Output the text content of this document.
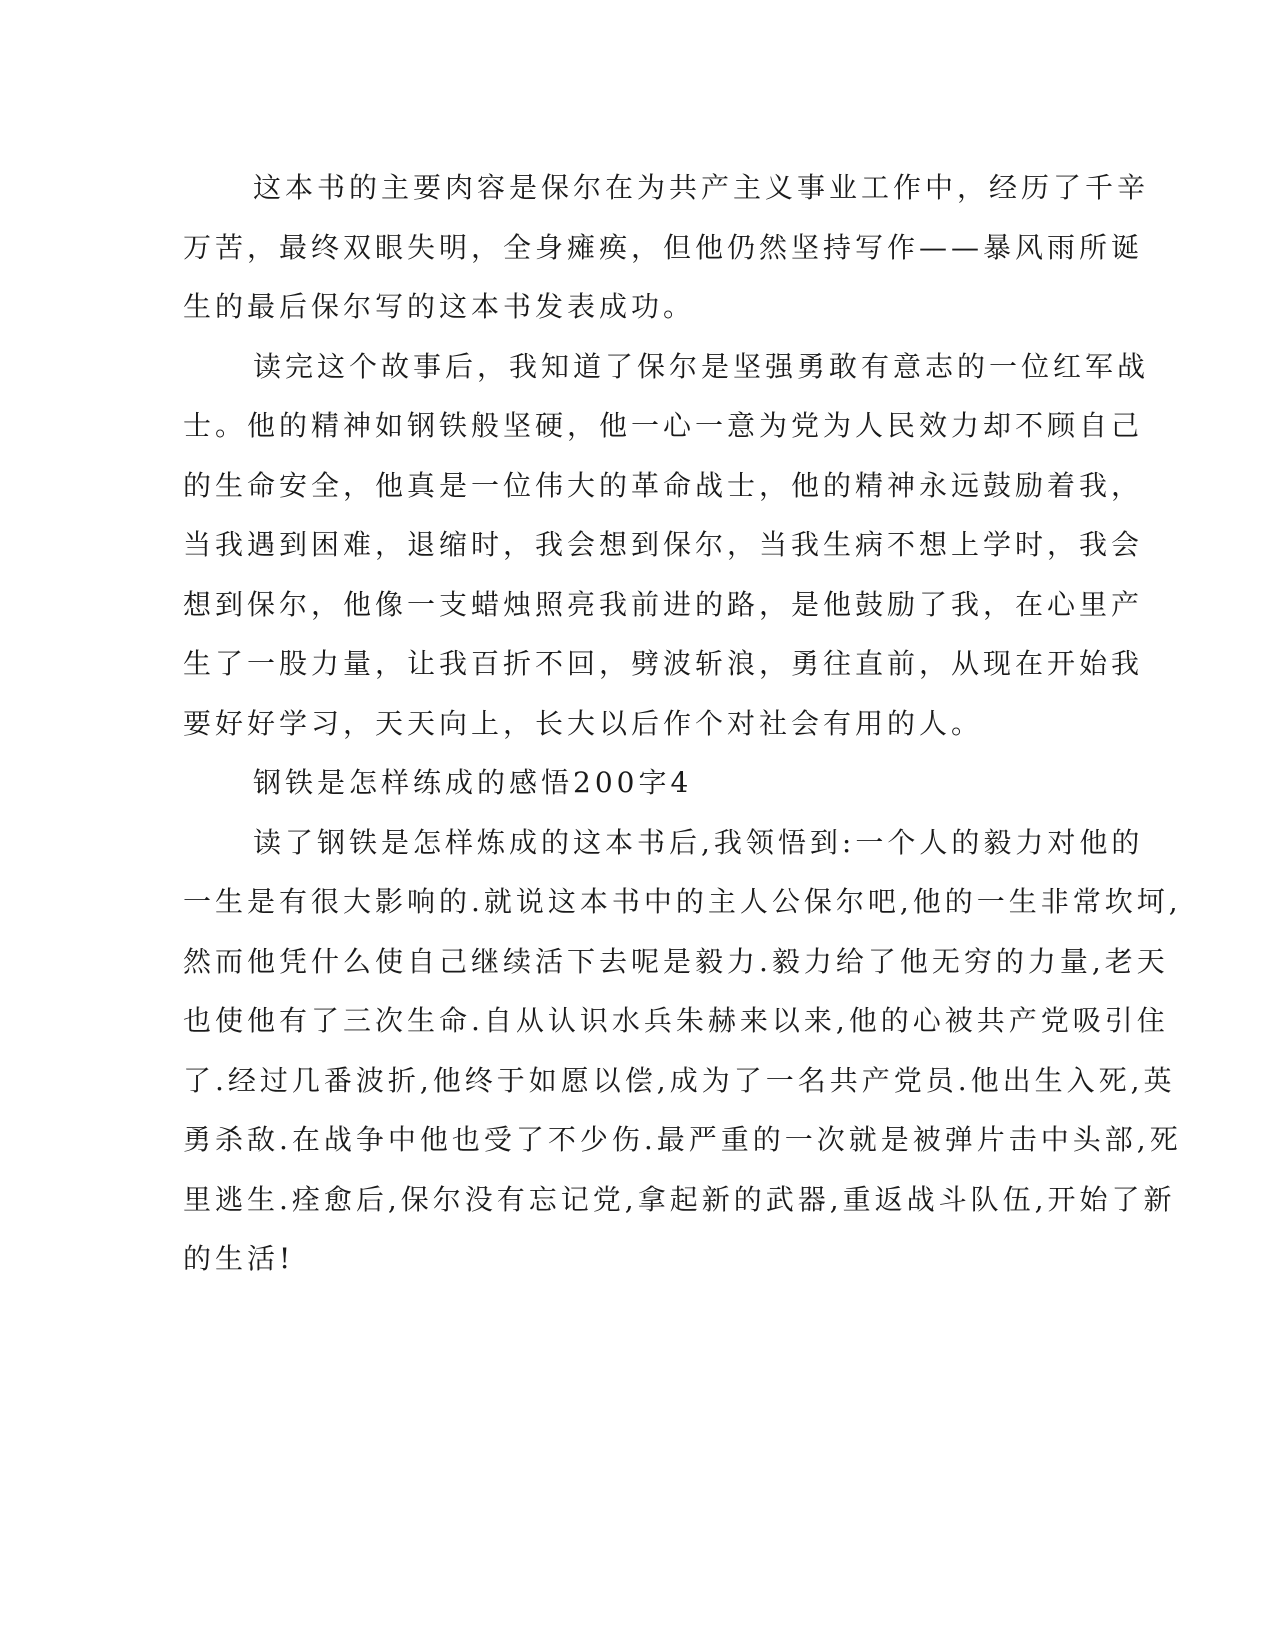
这本书的主要肉容是保尔在为共产主义事业工作中，经历了千辛
万苦，最终双眼失明，全身瘫痪，但他仍然坚持写作——暴风雨所诞
生的最后保尔写的这本书发表成功。

读完这个故事后，我知道了保尔是坚强勇敢有意志的一位红军战
士。他的精神如钢铁般坚硬，他一心一意为党为人民效力却不顾自己
的生命安全，他真是一位伟大的革命战士，他的精神永远鼓励着我，
当我遇到困难，退缩时，我会想到保尔，当我生病不想上学时，我会
想到保尔，他像一支蜡烛照亮我前进的路，是他鼓励了我，在心里产
生了一股力量，让我百折不回，劈波斩浪，勇往直前，从现在开始我
要好好学习，天天向上，长大以后作个对社会有用的人。

钢铁是怎样练成的感悟200字4

读了钢铁是怎样炼成的这本书后,我领悟到:一个人的毅力对他的
一生是有很大影响的.就说这本书中的主人公保尔吧,他的一生非常坎坷,
然而他凭什么使自己继续活下去呢是毅力.毅力给了他无穷的力量,老天
也使他有了三次生命.自从认识水兵朱赫来以来,他的心被共产党吸引住
了.经过几番波折,他终于如愿以偿,成为了一名共产党员.他出生入死,英
勇杀敌.在战争中他也受了不少伤.最严重的一次就是被弹片击中头部,死
里逃生.痊愈后,保尔没有忘记党,拿起新的武器,重返战斗队伍,开始了新
的生活!
